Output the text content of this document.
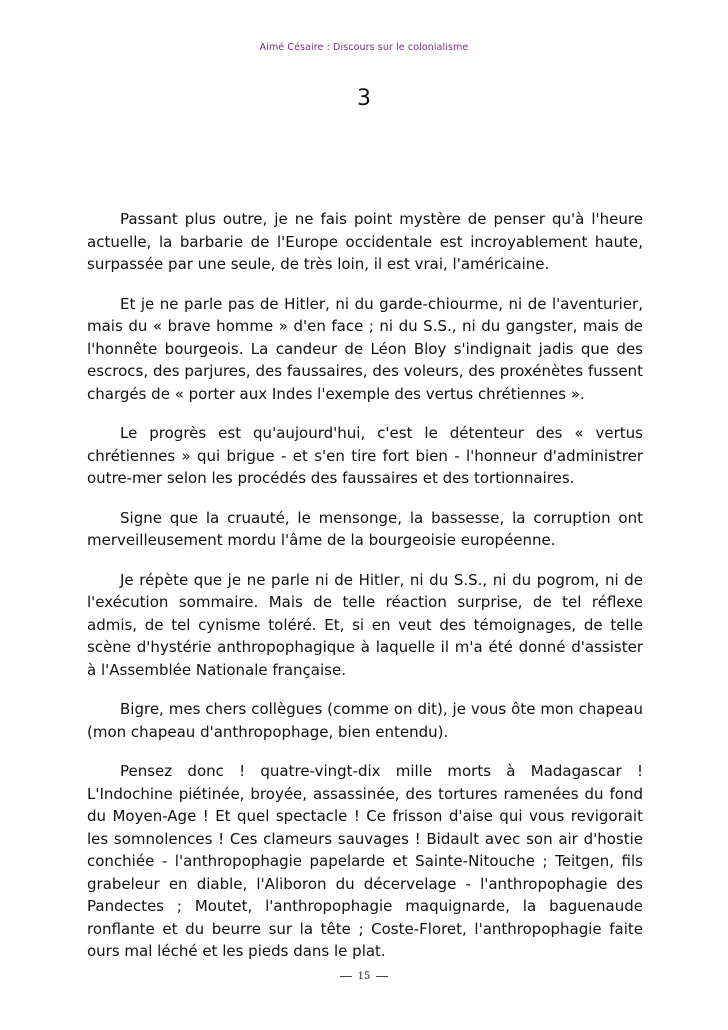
Aimé Césaire : Discours sur le colonialisme
3

Passant plus outre, je ne fais point mystère de penser qu'à l'heure actuelle, la barbarie de l'Europe occidentale est incroyablement haute, surpassée par une seule, de très loin, il est vrai, l'américaine.

Et je ne parle pas de Hitler, ni du garde-chiourme, ni de l'aventurier, mais du « brave homme » d'en face ; ni du S.S., ni du gangster, mais de l'honnête bourgeois. La candeur de Léon Bloy s'indignait jadis que des escrocs, des parjures, des faussaires, des voleurs, des proxénètes fussent chargés de « porter aux Indes l'exemple des vertus chrétiennes ».

Le progrès est qu'aujourd'hui, c'est le détenteur des « vertus chrétiennes » qui brigue - et s'en tire fort bien - l'honneur d'administrer outre-mer selon les procédés des faussaires et des tortionnaires.

Signe que la cruauté, le mensonge, la bassesse, la corruption ont merveilleusement mordu l'âme de la bourgeoisie européenne.

Je répète que je ne parle ni de Hitler, ni du S.S., ni du pogrom, ni de l'exécution sommaire. Mais de telle réaction surprise, de tel réflexe admis, de tel cynisme toléré. Et, si en veut des témoignages, de telle scène d'hystérie anthropophagique à laquelle il m'a été donné d'assister à l'Assemblée Nationale française.

Bigre, mes chers collègues (comme on dit), je vous ôte mon chapeau (mon chapeau d'anthropophage, bien entendu).

Pensez donc ! quatre-vingt-dix mille morts à Madagascar ! L'Indochine piétinée, broyée, assassinée, des tortures ramenées du fond du Moyen-Age ! Et quel spectacle ! Ce frisson d'aise qui vous revigorait les somnolences ! Ces clameurs sauvages ! Bidault avec son air d'hostie conchiée - l'anthropophagie papelarde et Sainte-Nitouche ; Teitgen, fils grabeleur en diable, l'Aliboron du décervelage - l'anthropophagie des Pandectes ; Moutet, l'anthropophagie maquignarde, la baguenaude ronflante et du beurre sur la tête ; Coste-Floret, l'anthropophagie faite ours mal léché et les pieds dans le plat.

15
